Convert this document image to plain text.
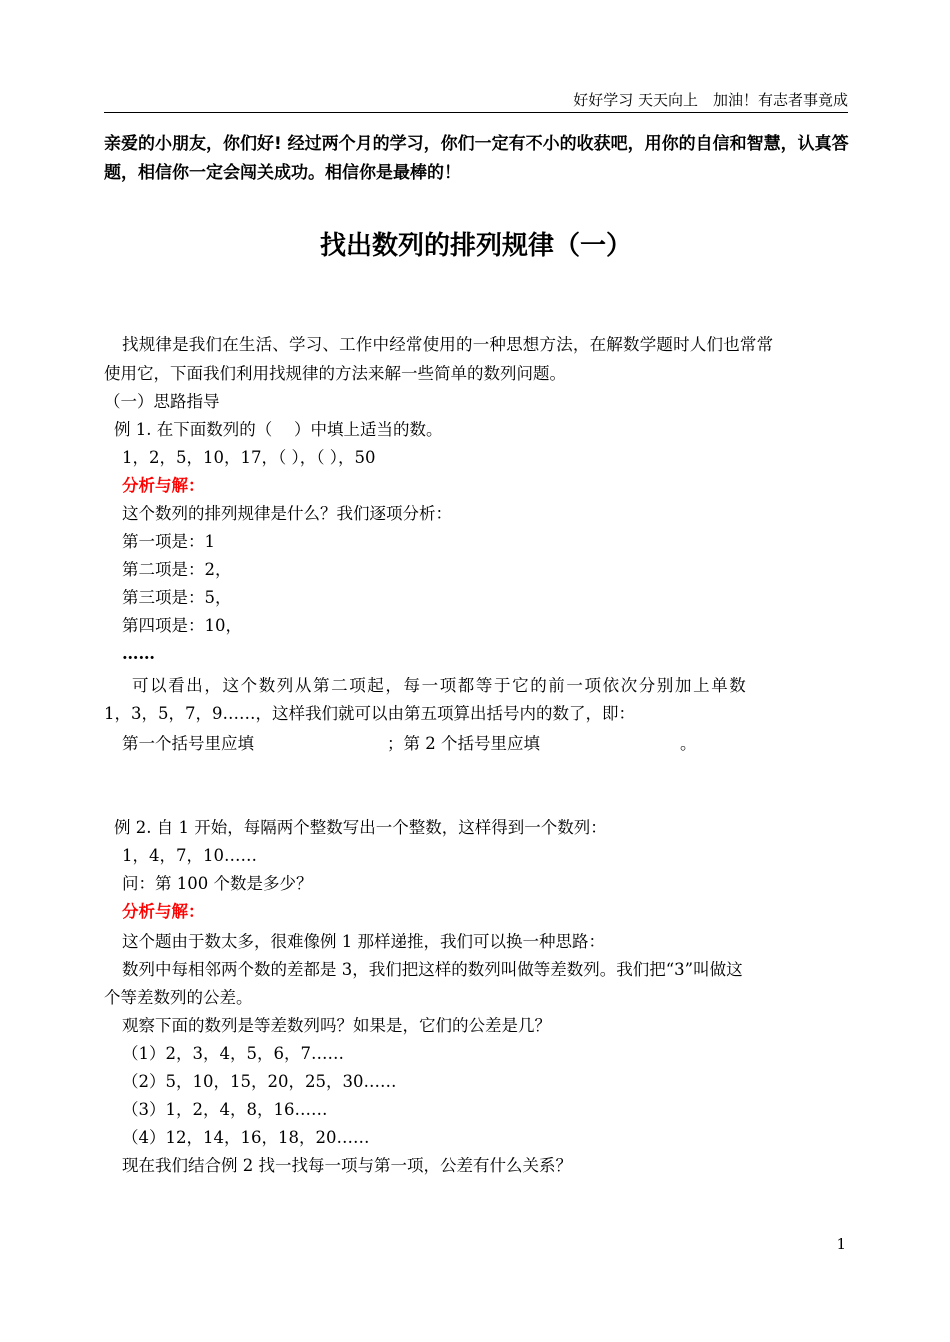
好好学习 天天向上　加油！有志者事竟成
亲爱的小朋友，你们好! 经过两个月的学习，你们一定有不小的收获吧，用你的自信和智慧，认真答题，相信你一定会闯关成功。相信你是最棒的！
找出数列的排列规律（一）
找规律是我们在生活、学习、工作中经常使用的一种思想方法，在解数学题时人们也常常
使用它，下面我们利用找规律的方法来解一些简单的数列问题。
（一）思路指导
例 1. 在下面数列的（　 ）中填上适当的数。
1，2，5，10，17，（ ），（ ），50
分析与解：
这个数列的排列规律是什么？我们逐项分析：
第一项是：1
第二项是：2，
第三项是：5，
第四项是：10，
……
可以看出，这个数列从第二项起，每一项都等于它的前一项依次分别加上单数
1，3，5，7，9……，这样我们就可以由第五项算出括号内的数了，即：
第一个括号里应填	；第 2 个括号里应填	。
例 2. 自 1 开始，每隔两个整数写出一个整数，这样得到一个数列：
1，4，7，10……
问：第 100 个数是多少？
分析与解：
这个题由于数太多，很难像例 1 那样递推，我们可以换一种思路：
数列中每相邻两个数的差都是 3，我们把这样的数列叫做等差数列。我们把“3”叫做这
个等差数列的公差。
观察下面的数列是等差数列吗？如果是，它们的公差是几？
（1）2，3，4，5，6，7……
（2）5，10，15，20，25，30……
（3）1，2，4，8，16……
（4）12，14，16，18，20……
现在我们结合例 2 找一找每一项与第一项，公差有什么关系？
1
